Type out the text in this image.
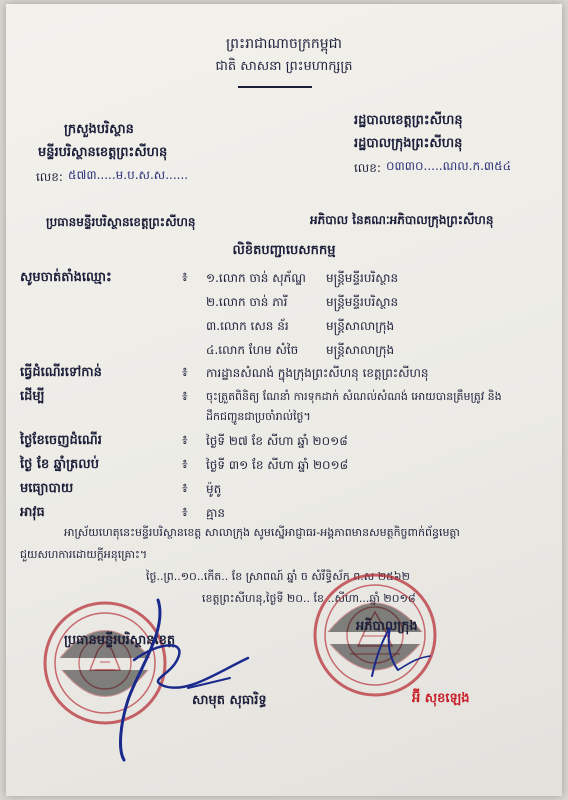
ព្រះរាជាណាចក្រកម្ពុជា
ជាតិ សាសនា ព្រះមហាក្សត្រ
ក្រសួងបរិស្ថាន
មន្ទីរបរិស្ថានខេត្តព្រះសីហនុ
លេខ: ៥៧៣.....ម.ប.ស.ស......
រដ្ឋបាលខេត្តព្រះសីហនុ
រដ្ឋបាលក្រុងព្រះសីហនុ
លេខ: ០៣៣០.....ណល.ក.៣៥៤
ប្រធានមន្ទីរបរិស្ថានខេត្តព្រះសីហនុ	អភិបាល នៃគណៈអភិបាលក្រុងព្រះសីហនុ
លិខិតបញ្ជាបេសកកម្ម
សូមចាត់តាំងឈ្មោះ	៖ ១.លោក ចាន់ សុភ័ណ្ឌ មន្ត្រីមន្ទីរបរិស្ថាន
២.លោក ចាន់ ភារី	មន្ត្រីមន្ទីរបរិស្ថាន
៣.លោក សេន ន័រ	មន្ត្រីសាលាក្រុង
៤.លោក ហែម សំចៃ មន្ត្រីសាលាក្រុង
ធ្វើដំណើរទៅកាន់	៖ ការដ្ឋានសំណង់ ក្នុងក្រុងព្រះសីហនុ ខេត្តព្រះសីហនុ
ដើម្បី	៖ ចុះត្រួតពិនិត្យ ណែនាំ ការទុកដាក់ សំណល់សំណង់ អោយបានត្រឹមត្រូវ និង
ដឹកជញ្ជូនជាប្រចាំរាល់ថ្ងៃ។
ថ្ងៃខែចេញដំណើរ	៖ ថ្ងៃទី ២៧ ខែ សីហា ឆ្នាំ ២០១៨
ថ្ងៃ ខែ ឆ្នាំត្រលប់	៖ ថ្ងៃទី ៣១ ខែ សីហា ឆ្នាំ ២០១៨
មធ្យោបាយ	៖ ម៉ូតូ
អាវុធ	៖ គ្មាន
អាស្រ័យហេតុនេះមន្ទីរបរិស្ថានខេត្ត សាលាក្រុង សូមស្នើអាជ្ញាធរ-អង្គភាពមានសមត្ថកិច្ចពាក់ព័ន្ធមេត្តា
ជួយសហការដោយក្តីអនុគ្រោះ។
ថ្ងៃ..ព្រ..១០..កើត.. ខែ ស្រាពណ៍ ឆ្នាំ ច សំរឹទ្ធិស័ក ព.ស ២៥៦២
ខេត្តព្រះសីហនុ,ថ្ងៃទី ២០.. ខែ ..សីហា...ឆ្នាំ ២០១៨
ប្រធានមន្ទីរបរិស្ថានខេត្ត
អភិបាលក្រុង
សាមុត សុធារិទ្ធ	អ៊ី សុខឡេង
